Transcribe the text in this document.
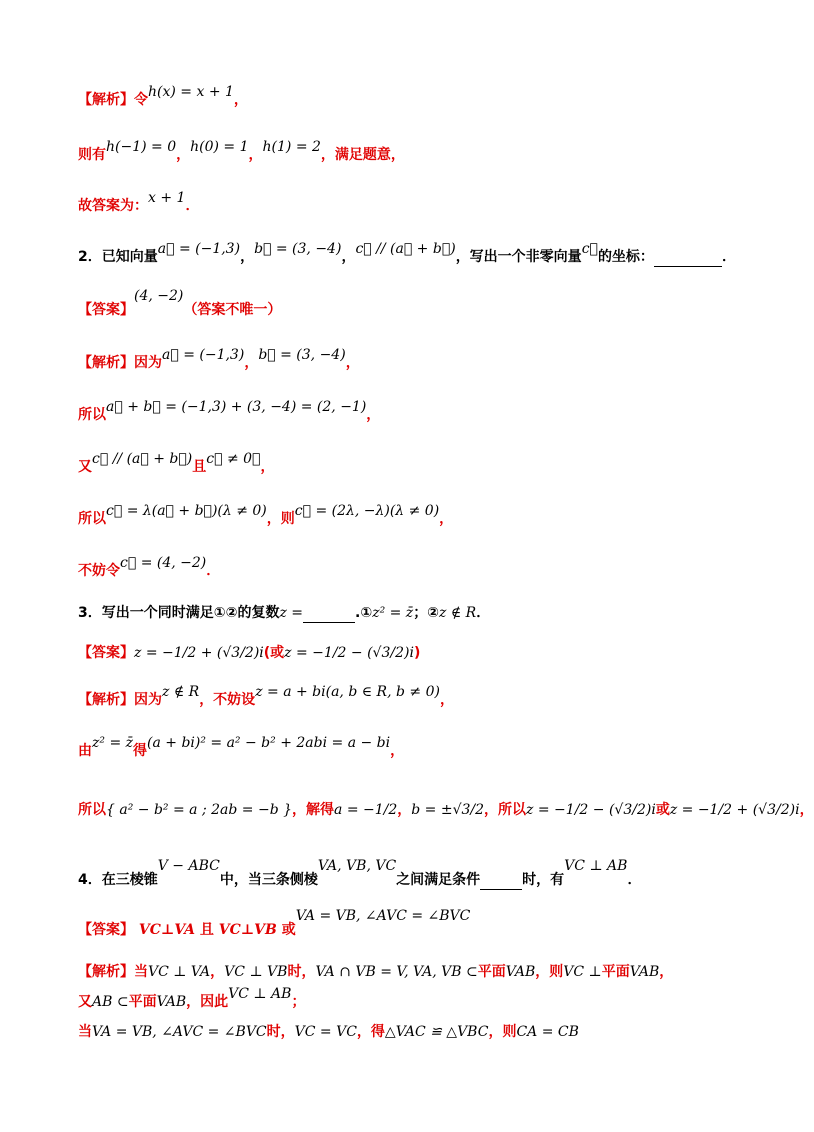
【解析】令h(x) = x + 1，
则有h(−1) = 0，h(0) = 1，h(1) = 2，满足题意，
故答案为：x + 1．
2．已知向量a⃗ = (−1,3)，b⃗ = (3, −4)，c⃗ // (a⃗ + b⃗)，写出一个非零向量c⃗的坐标：	．
【答案】(4, −2)（答案不唯一）
【解析】因为a⃗ = (−1,3)，b⃗ = (3, −4)，
所以a⃗ + b⃗ = (−1,3) + (3, −4) = (2, −1)，
又c⃗ // (a⃗ + b⃗)且c⃗ ≠ 0⃗，
所以c⃗ = λ(a⃗ + b⃗)(λ ≠ 0)，则c⃗ = (2λ, −λ)(λ ≠ 0)，
不妨令c⃗ = (4, −2)．
3．写出一个同时满足①②的复数z =	.①z² = z̄；②z ∉ R．
【答案】z = −1/2 + (√3/2)i(或z = −1/2 − (√3/2)i)
【解析】因为z ∉ R，不妨设z = a + bi(a, b ∈ R, b ≠ 0)，
由z² = z̄得(a + bi)² = a² − b² + 2abi = a − bi，
所以{ a² − b² = a ; 2ab = −b }，解得a = −1/2，b = ±√3/2，所以z = −1/2 − (√3/2)i或z = −1/2 + (√3/2)i，
4．在三棱锥V − ABC中，当三条侧棱VA, VB, VC之间满足条件	时，有VC ⊥ AB．
【答案】 VC⊥VA 且 VC⊥VB 或VA = VB, ∠AVC = ∠BVC
【解析】当VC ⊥ VA，VC ⊥ VB时，VA ∩ VB = V, VA, VB ⊂平面VAB，则VC ⊥平面VAB，
又AB ⊂平面VAB，因此VC ⊥ AB；
当VA = VB, ∠AVC = ∠BVC时，VC = VC，得△VAC ≌ △VBC，则CA = CB
